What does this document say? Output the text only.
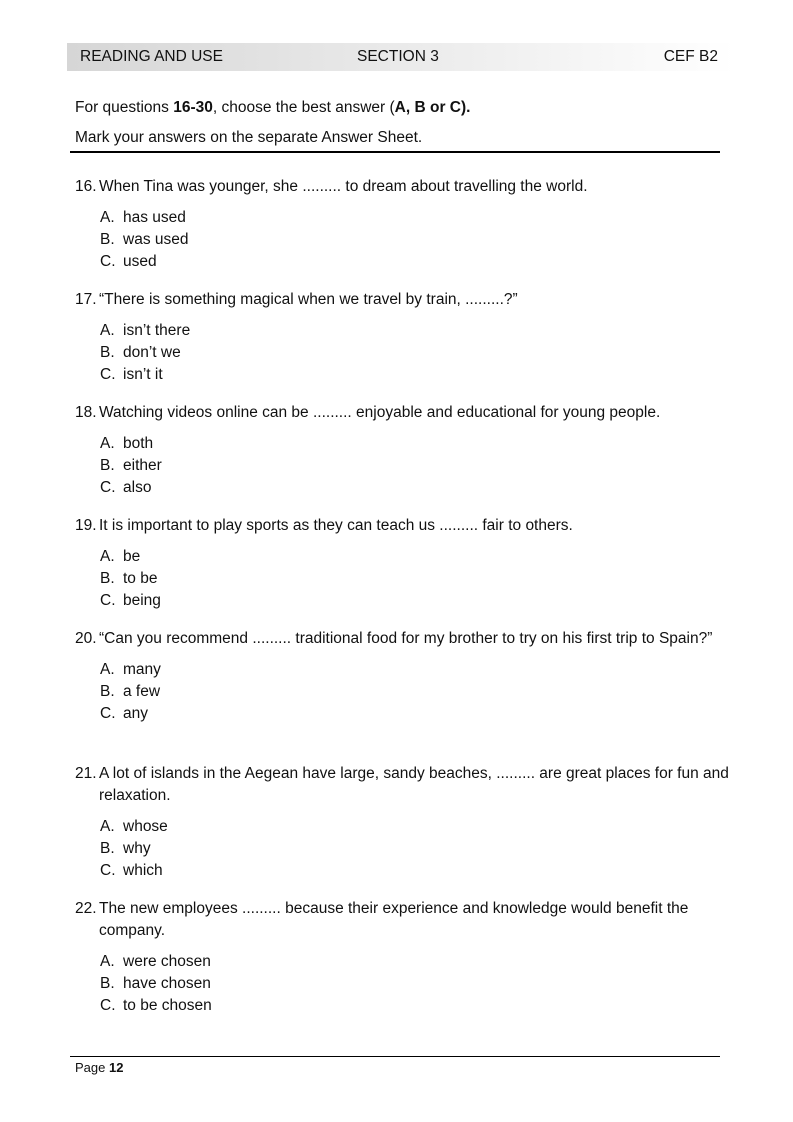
READING AND USE	SECTION 3	CEF B2
For questions 16-30, choose the best answer (A, B or C).
Mark your answers on the separate Answer Sheet.
16. When Tina was younger, she ......... to dream about travelling the world.
A. has used
B. was used
C. used
17. “There is something magical when we travel by train, .........?”
A. isn’t there
B. don’t we
C. isn’t it
18. Watching videos online can be ......... enjoyable and educational for young people.
A. both
B. either
C. also
19. It is important to play sports as they can teach us ......... fair to others.
A. be
B. to be
C. being
20. “Can you recommend ......... traditional food for my brother to try on his first trip to Spain?”
A. many
B. a few
C. any
21. A lot of islands in the Aegean have large, sandy beaches, ......... are great places for fun and relaxation.
A. whose
B. why
C. which
22. The new employees ......... because their experience and knowledge would benefit the company.
A. were chosen
B. have chosen
C. to be chosen
Page 12
